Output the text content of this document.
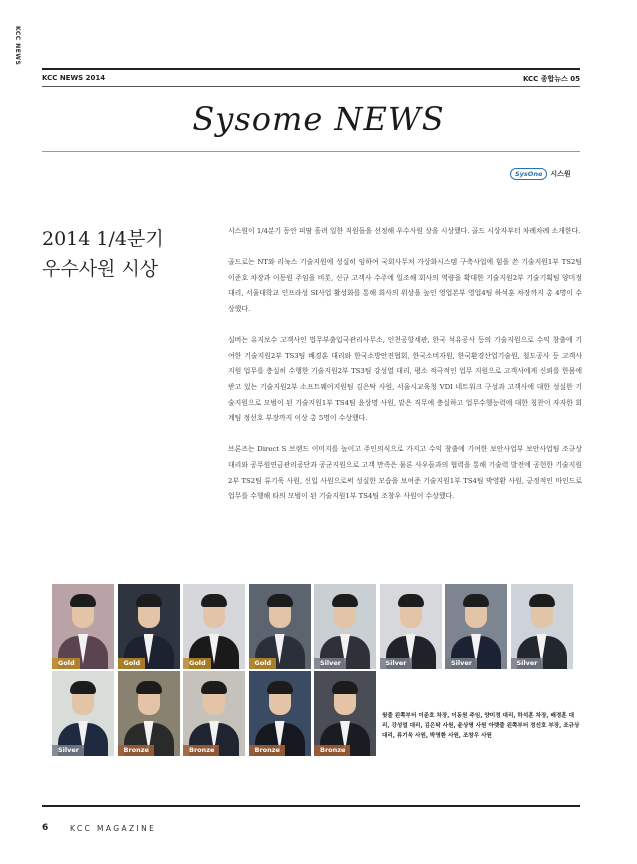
KCC NEWS
KCC NEWS 2014	KCC 종합뉴스 05
Sysome NEWS
SysOne	시스원
2014 1/4분기
우수사원 시상

시스원이 1/4분기 동안 피땀 흘려 일한 직원들을 선정해 우수사원 상을 시상했다. 골드 시상자부터 차례차례 소개한다.

골드로는 NT와 리눅스 기술지원에 성실히 임하여 국회사무처 가상화시스템 구축사업에 힘을 쓴 기술지원1부 TS2팀 이준호 차장과 이동원 주임을 비롯, 신규 고객사 수주에 일조해 회사의 역량을 확대한 기술지원2부 기술기획팀 양미정 대리, 서울대학교 인프라성 SI사업 활성화를 통해 회사의 위상을 높인 영업본부 영업4팀 하석훈 차장까지 총 4명이 수상했다.

실버는 유지보수 고객사인 법무부출입국관리사무소, 인천공항세관, 한국 석유공사 등의 기술지원으로 수익 창출에 기여한 기술지원2부 TS3팀 배경훈 대리와 한국소방안전협회, 한국소비자원, 한국환경산업기술원, 철도공사 등 고객사 지원 업무를 충실히 수행한 기술지원2부 TS3팀 강성열 대리, 평소 적극적인 업무 지원으로 고객사에게 신뢰를 한몸에 받고 있는 기술지원2부 소프트웨어지원팀 김은탁 사원, 서울시교육청 VDI 네트워크 구성과 고객사에 대한 성실한 기술지원으로 모범이 된 기술지원1부 TS4팀 윤상명 사원, 맡은 직무에 충실하고 업무수행능력에 대한 칭찬이 자자한 회계팀 정선호 부장까지 이상 총 5명이 수상했다.

브론즈는 Direct S 브랜드 이미지를 높이고 주인의식으로 가지고 수익 창출에 기여한 보안사업부 보안사업팀 조규상 대리와 공무원연금관리공단과 공군지원으로 고객 만족은 물론 사우들과의 협력을 통해 기술력 발전에 공헌한 기술지원2부 TS2팀 류기욱 사원, 신입 사원으로써 성실한 모습을 보여준 기술지원1부 TS4팀 박영환 사원, 긍정적인 마인드로 업무를 수행해 타의 모범이 된 기술지원1부 TS4팀 조창우 사원이 수상했다.

Gold	Gold	Gold	Gold	Silver	Silver	Silver	Silver
Silver	Bronze	Bronze	Bronze	Bronze
윗줄 왼쪽부터 이준호 차장, 이동원 주임, 양미정 대리, 하석훈 차장, 배경훈 대리, 강성열 대리, 김은탁 사원, 윤상명 사원 아랫줄 왼쪽부터 정선호 부장, 조규상 대리, 류기욱 사원, 박영환 사원, 조창우 사원
6	KCC MAGAZINE
